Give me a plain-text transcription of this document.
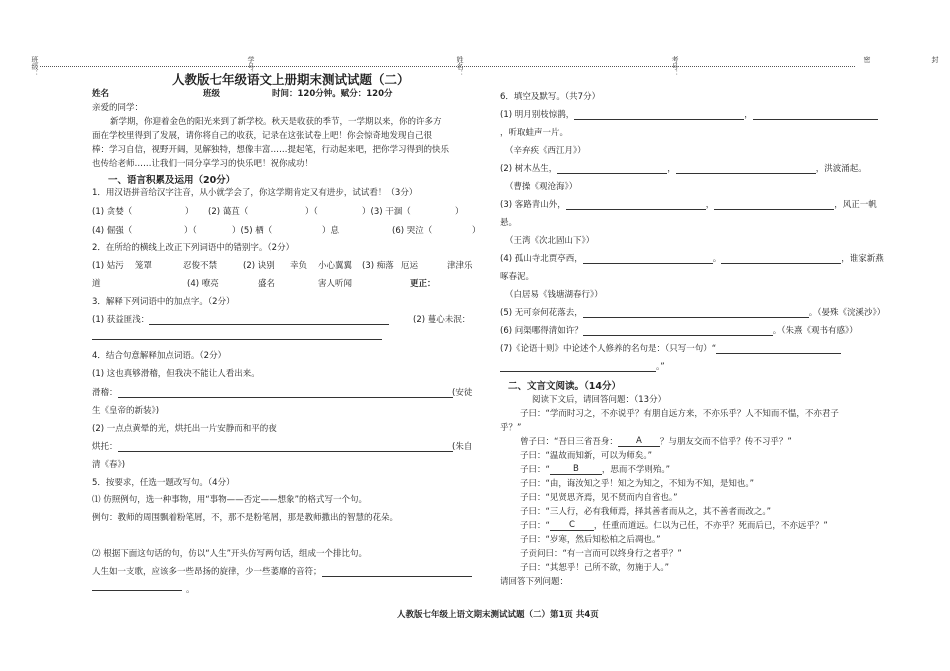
班级：	学号：	姓名：	考号：	密	封
人教版七年级语文上册期末测试试题（二）
姓名	班级	时间：120分钟。赋分：120分
亲爱的同学：
新学期，你迎着金色的阳光来到了新学校。秋天是收获的季节，一学期以来，你的许多方
面在学校里得到了发展，请你将自己的收获，记录在这张试卷上吧！你会惊奇地发现自己很
棒：学习自信，视野开阔，见解独特，想像丰富……提起笔，行动起来吧，把你学习得到的快乐
也传给老师……让我们一同分享学习的快乐吧！祝你成功！
一、语言积累及运用（20分）
1．用汉语拼音给汉字注音，从小就学会了，你这学期肯定又有进步，试试看！（3分）
(1) 贪婪（	） (2) 蔼苴（	）（	）(3) 干涸（	）
(4) 倔强（	）（	）(5) 栖（	）息	(6) 哭泣（	）
2．在所给的横线上改正下列词语中的错别字。（2分）
(1) 姑污 笼罩	忍俊不禁	(2) 诀别 幸负 小心翼翼 (3) 痴落 厄运	津津乐
道	(4) 嘹亮	盛名	害人听闻	更正：
3．解释下列词语中的加点字。（2分）
(1) 获益匪浅：	(2) 蔓心未泯：
4．结合句意解释加点词语。（2分）
(1) 这也真够滑稽，但我决不能让人看出来。
滑稽：	(安徒
生《皇帝的新装》)
(2) 一点点黄晕的光，烘托出一片安静而和平的夜
烘托：	(朱自
清《春》)
5．按要求，任选一题改写句。（4分）
⑴ 仿照例句，选一种事物，用“事物——否定——想象”的格式写一个句。
例句：教师的周围飘着粉笔屑，不，那不是粉笔屑，那是教师撒出的智慧的花朵。
⑵ 根据下面这句话的句，仿以“人生”开头仿写两句话，组成一个排比句。
人生如一支歌，应该多一些昂扬的旋律，少一些萎靡的音符；
。
6．填空及默写。（共7分）
(1) 明月别枝惊鹊，	，
，听取蛙声一片。
（辛弃疾《西江月》）
(2) 树木丛生，	，	，洪波涌起。
（曹操《观沧海》）
(3) 客路青山外，	，	，风正一帆
悬。
（王湾《次北固山下》）
(4) 孤山寺北贾亭西，	。	，谁家新燕
啄春泥。
（白居易《钱塘湖春行》）
(5) 无可奈何花落去，	。（晏殊《浣溪沙》）
(6) 问渠哪得清如许？	。（朱熹《观书有感》）
(7)《论语十则》中论述个人修养的名句是：（只写一句）“
。”
二、文言文阅读。（14分）
阅读下文后，请回答问题：（13分）
子曰：“学而时习之，不亦说乎？有朋自远方来，不亦乐乎？人不知而不愠，不亦君子
乎？”
曾子曰：“吾日三省吾身： A ？与朋友交而不信乎？传不习乎？”
子曰：“温故而知新，可以为师矣。”
子曰：“	B	，思而不学则殆。”
子曰：“由，诲汝知之乎！知之为知之，不知为不知，是知也。”
子曰：“见贤思齐焉，见不贤而内自省也。”
子曰：“三人行，必有我师焉，择其善者而从之，其不善者而改之。”
子曰：“ C ，任重而道远。仁以为己任，不亦乎？死而后已，不亦远乎？”
子曰：“岁寒，然后知松柏之后凋也。”
子贡问曰：“有一言而可以终身行之者乎？”
子曰：“其恕乎！己所不欲，勿施于人。”
请回答下列问题：
人教版七年级上语文期末测试试题（二）第1页 共4页
